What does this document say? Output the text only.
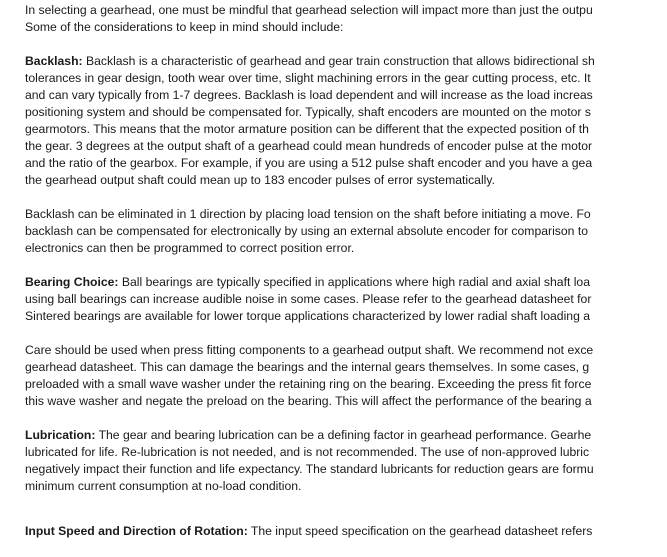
In selecting a gearhead, one must be mindful that gearhead selection will impact more than just the outpu
Some of the considerations to keep in mind should include:

Backlash: Backlash is a characteristic of gearhead and gear train construction that allows bidirectional sh
tolerances in gear design, tooth wear over time, slight machining errors in the gear cutting process, etc. It
and can vary typically from 1-7 degrees. Backlash is load dependent and will increase as the load increas
positioning system and should be compensated for. Typically, shaft encoders are mounted on the motor s
gearmotors. This means that the motor armature position can be different that the expected position of th
the gear. 3 degrees at the output shaft of a gearhead could mean hundreds of encoder pulse at the motor
and the ratio of the gearbox. For example, if you are using a 512 pulse shaft encoder and you have a gea
the gearhead output shaft could mean up to 183 encoder pulses of error systematically.

Backlash can be eliminated in 1 direction by placing load tension on the shaft before initiating a move. Fo
backlash can be compensated for electronically by using an external absolute encoder for comparison to
electronics can then be programmed to correct position error.

Bearing Choice: Ball bearings are typically specified in applications where high radial and axial shaft loa
using ball bearings can increase audible noise in some cases. Please refer to the gearhead datasheet for
Sintered bearings are available for lower torque applications characterized by lower radial shaft loading a

Care should be used when press fitting components to a gearhead output shaft. We recommend not exce
gearhead datasheet. This can damage the bearings and the internal gears themselves. In some cases, g
preloaded with a small wave washer under the retaining ring on the bearing. Exceeding the press fit force
this wave washer and negate the preload on the bearing. This will affect the performance of the bearing a

Lubrication: The gear and bearing lubrication can be a defining factor in gearhead performance. Gearhe
lubricated for life. Re-lubrication is not needed, and is not recommended. The use of non-approved lubric
negatively impact their function and life expectancy. The standard lubricants for reduction gears are formu
minimum current consumption at no-load condition.

Input Speed and Direction of Rotation: The input speed specification on the gearhead datasheet refers
